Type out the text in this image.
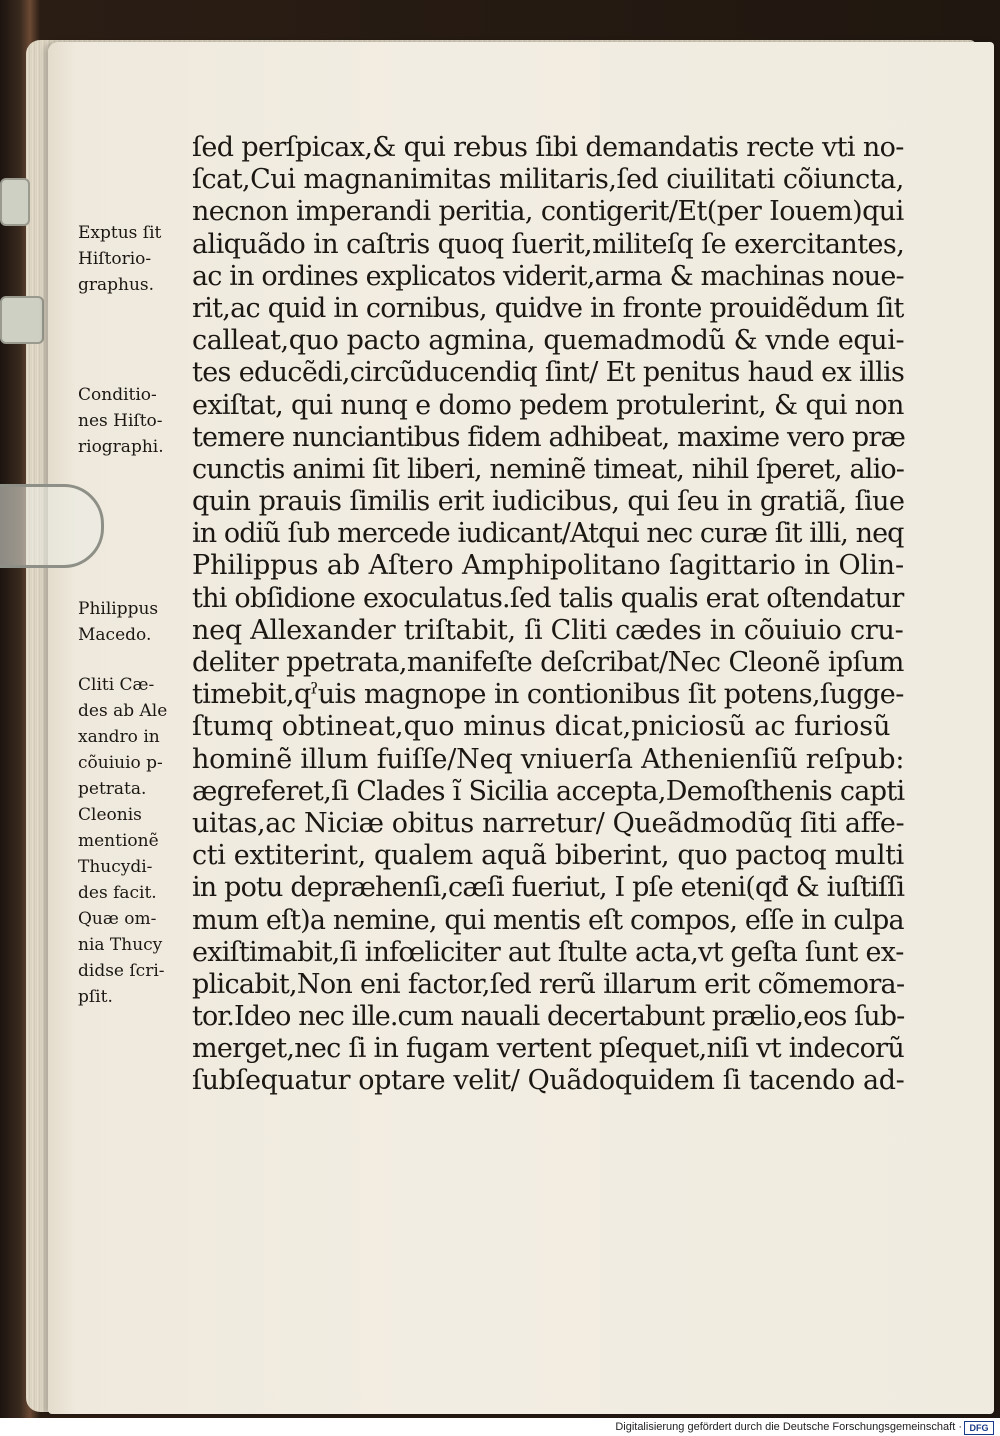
ſed perſpicax,& qui rebus ſibi demandatis recte vti no‑
ſcat,Cui magnanimitas militaris,ſed ciuilitati cõiuncta,
necnon imperandi peritia, contigerit/Et(per Iouem)qui
aliquãdo in caſtris quoq ſuerit,militeſq ſe exercitantes,
ac in ordines explicatos viderit,arma & machinas noue‑
rit,ac quid in cornibus, quidve in fronte prouidẽdum ſit
calleat,quo pacto agmina, quemadmodũ & vnde equi‑
tes educẽdi,circũducendiq ſint/ Et penitus haud ex illis
exiſtat, qui nunq e domo pedem protulerint, & qui non
temere nunciantibus fidem adhibeat, maxime vero præ
cunctis animi ſit liberi, neminẽ timeat, nihil ſperet, alio‑
quin prauis ſimilis erit iudicibus, qui ſeu in gratiã, ſiue
in odiũ ſub mercede iudicant/Atqui nec curæ ſit illi, neq
Philippus ab Aſtero Amphipolitano ſagittario in Olin‑
thi obſidione exoculatus.ſed talis qualis erat oſtendatur
neq Allexander triſtabit, ſi Cliti cædes in cõuiuio cru‑
deliter ppetrata,manifeſte deſcribat/Nec Cleonẽ ipſum
timebit,qˀuis magnope in contionibus ſit potens,ſugge‑
ſtumq obtineat,quo minus dicat,pniciosũ ac furiosũ
hominẽ illum fuiſſe/Neq vniuerſa Athenienſiũ reſpub:
ægreferet,ſi Clades ĩ Sicilia accepta,Demoſthenis capti
uitas,ac Niciæ obitus narretur/ Queãdmodũq ſiti affe‑
cti extiterint, qualem aquã biberint, quo pactoq multi
in potu depræhenſi,cæſi fueriut, I pſe eteni(qđ & iuſtiſſi
mum eſt)a nemine, qui mentis eſt compos, eſſe in culpa
exiſtimabit,ſi infœliciter aut ſtulte acta,vt geſta ſunt ex‑
plicabit,Non eni factor,ſed rerũ illarum erit cõmemora‑
tor.Ideo nec ille.cum nauali decertabunt prælio,eos ſub‑
merget,nec ſi in fugam vertent pſequet,niſi vt indecorũ
ſubſequatur optare velit/ Quãdoquidem ſi tacendo ad‑
Exptus ſit
Hiſtorio‑
graphus.
Conditio‑
nes Hiſto‑
riographi.
Philippus
Macedo.
Cliti Cæ‑
des ab Ale
xandro in
cõuiuio p‑
petrata.
Cleonis
mentionẽ
Thucydi‑
des facit.
Quæ om‑
nia Thucy
didse ſcri‑
pſit.
Digitalisierung gefördert durch die Deutsche Forschungsgemeinschaft · DFG
